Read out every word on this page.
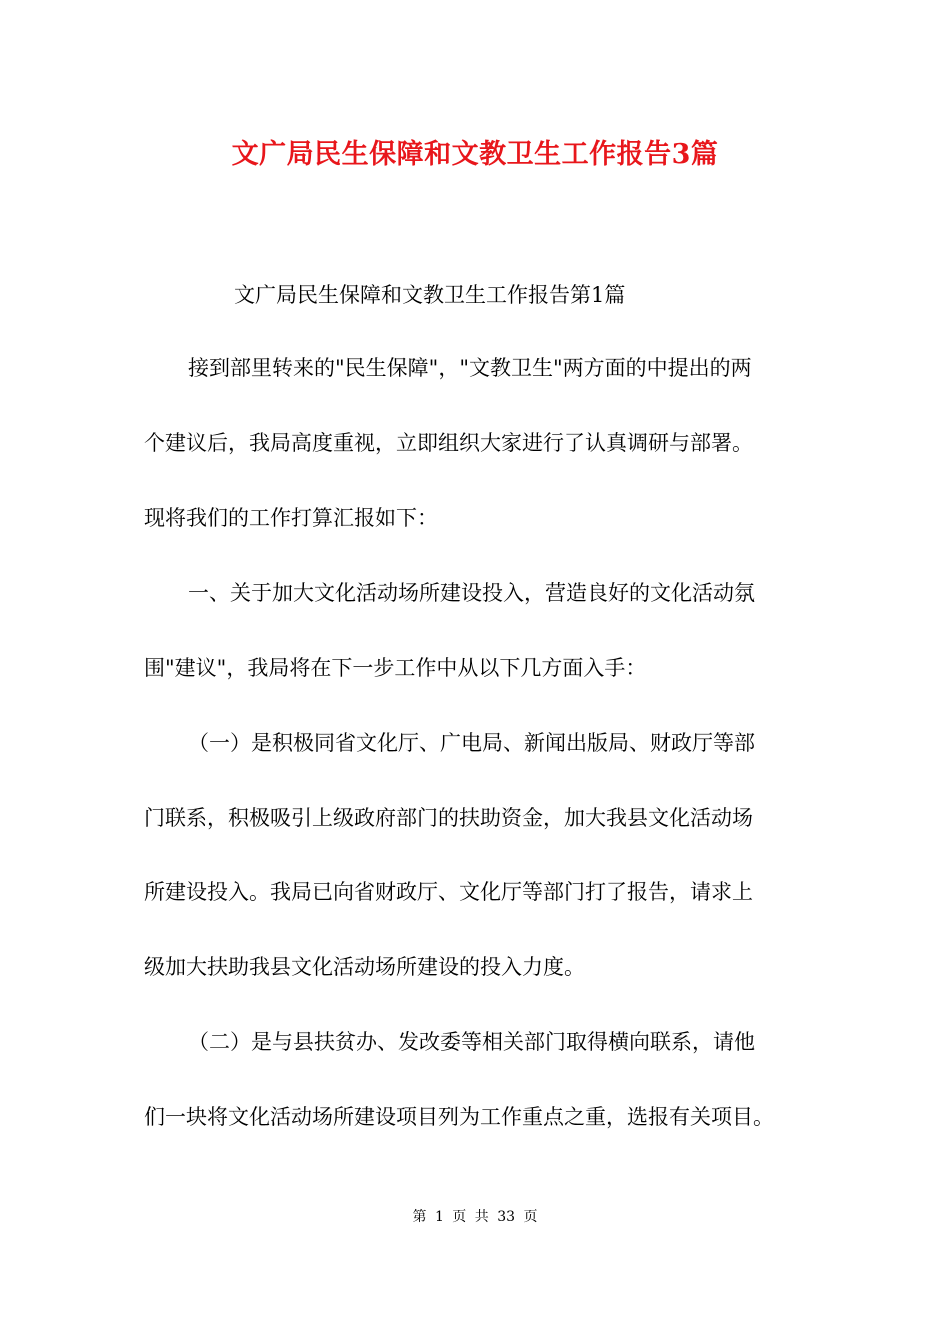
文广局民生保障和文教卫生工作报告3篇
文广局民生保障和文教卫生工作报告第1篇
接到部里转来的"民生保障"，"文教卫生"两方面的中提出的两
个建议后，我局高度重视，立即组织大家进行了认真调研与部署。
现将我们的工作打算汇报如下：
一、关于加大文化活动场所建设投入，营造良好的文化活动氛
围"建议"，我局将在下一步工作中从以下几方面入手：
（一）是积极同省文化厅、广电局、新闻出版局、财政厅等部
门联系，积极吸引上级政府部门的扶助资金，加大我县文化活动场
所建设投入。我局已向省财政厅、文化厅等部门打了报告，请求上
级加大扶助我县文化活动场所建设的投入力度。
（二）是与县扶贫办、发改委等相关部门取得横向联系，请他
们一块将文化活动场所建设项目列为工作重点之重，选报有关项目。
第 1 页 共 33 页
